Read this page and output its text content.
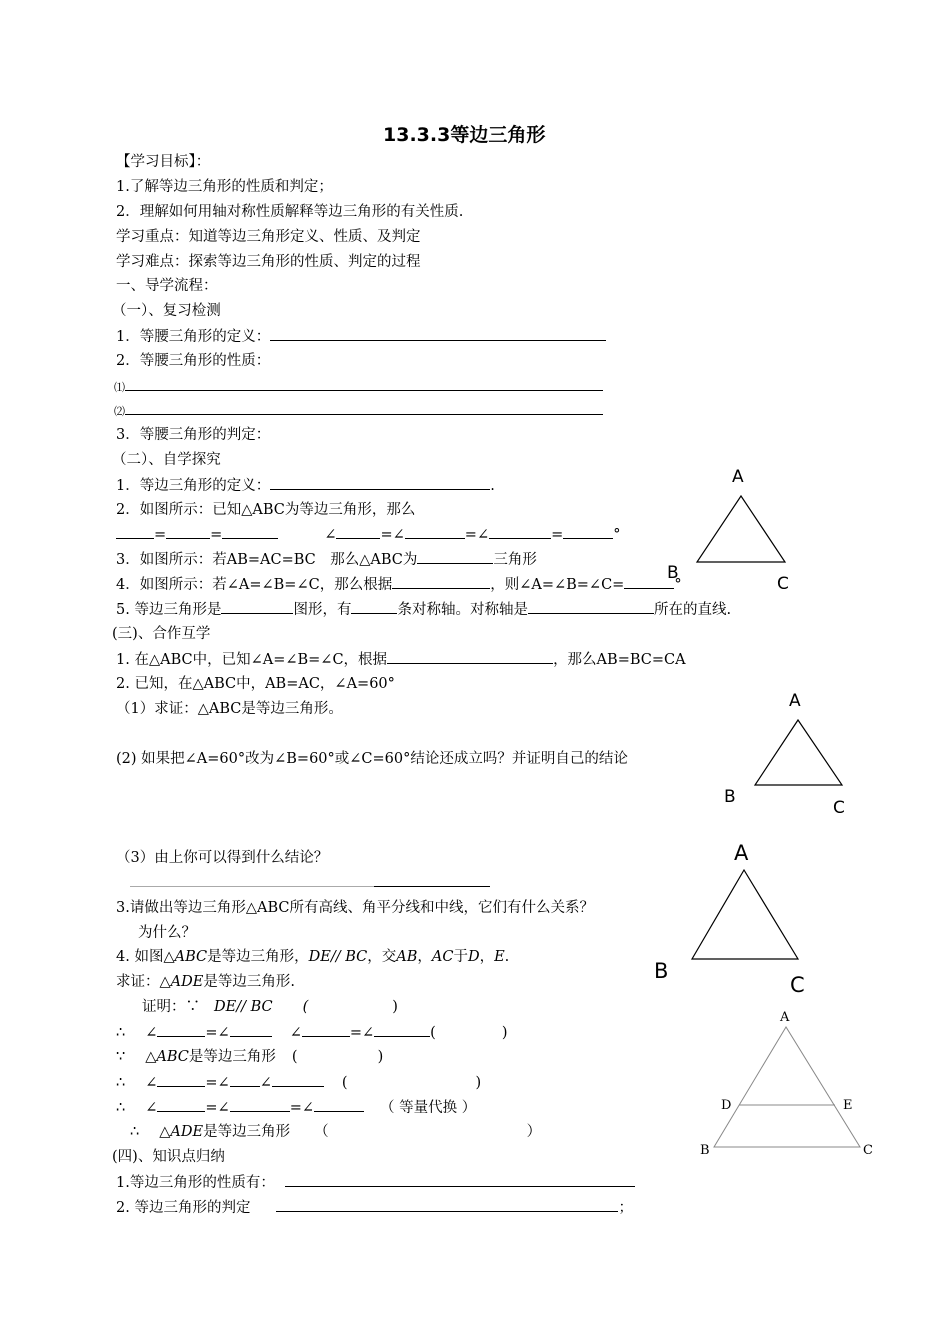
13.3.3等边三角形
【学习目标】：
1.了解等边三角形的性质和判定；
2．理解如何用轴对称性质解释等边三角形的有关性质.
学习重点：知道等边三角形定义、性质、及判定
学习难点：探索等边三角形的性质、判定的过程
一、导学流程：
（一）、复习检测
1．等腰三角形的定义：
2．等腰三角形的性质：
⑴
⑵
3．等腰三角形的判定：
（二）、自学探究
1．等边三角形的定义：	.
2．如图所示：已知△ABC为等边三角形，那么
=	=	∠	=∠	=∠	=	°
3．如图所示：若AB=AC=BC　那么△ABC为	三角形
4．如图所示：若∠A=∠B=∠C，那么根据	，则∠A=∠B=∠C=	°
5. 等边三角形是	图形，有	条对称轴。对称轴是	所在的直线.
(三)、合作互学
1. 在△ABC中，已知∠A=∠B=∠C，根据	，那么AB=BC=CA
2. 已知，在△ABC中，AB=AC，∠A=60°
（1）求证：△ABC是等边三角形。
(2) 如果把∠A=60°改为∠B=60°或∠C=60°结论还成立吗？并证明自己的结论
（3）由上你可以得到什么结论？
3.请做出等边三角形△ABC所有高线、角平分线和中线，它们有什么关系？
为什么？
4. 如图△ABC是等边三角形，DE// BC，交AB，AC于D，E.
求证：△ADE是等边三角形.
证明：∵ DE// BC (	)
∴ ∠	=∠	∠	=∠	(	)
∵ △ABC是等边三角形 (	)
∴ ∠	=∠ ∠	(	)
∴ ∠	=∠	=∠	（ 等量代换 ）
∴ △ADE是等边三角形 （	）
(四)、知识点归纳
1.等边三角形的性质有：
2. 等边三角形的判定	；
A
B
C
A
B
C
A
B
C
A
B	C
D	E
